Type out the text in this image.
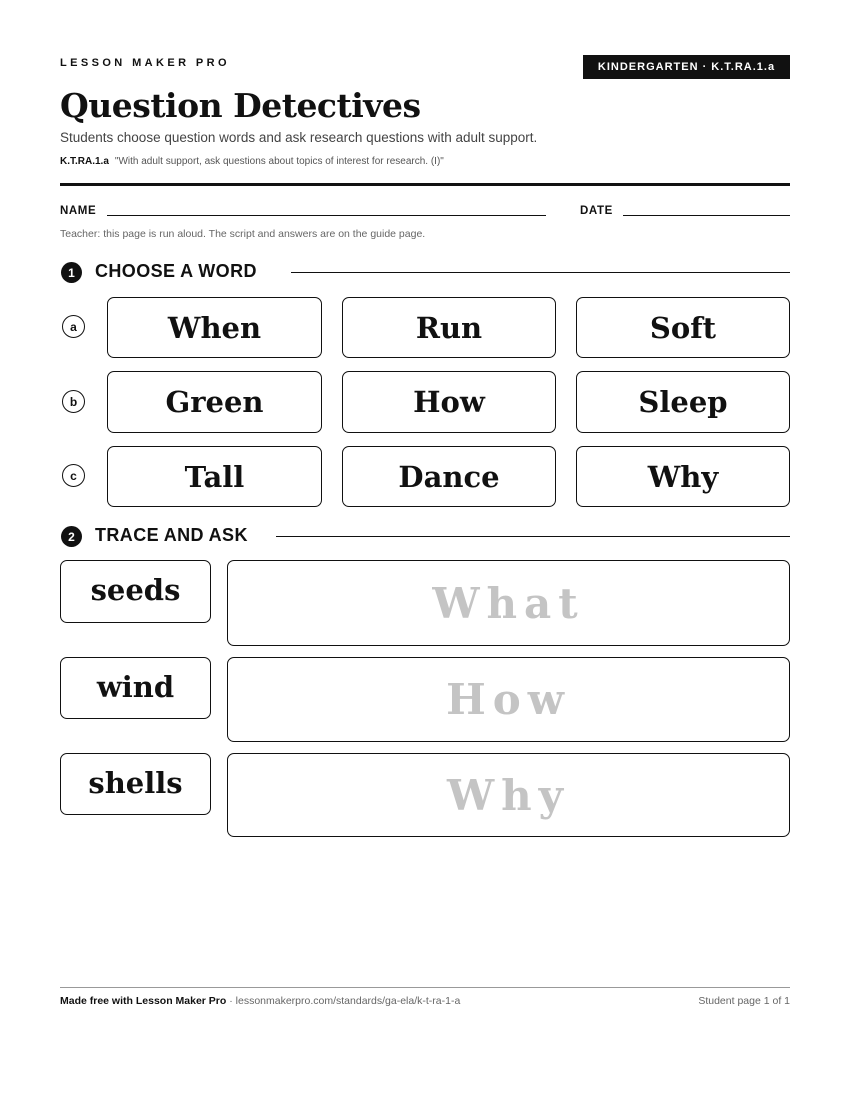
LESSON MAKER PRO	KINDERGARTEN · K.T.RA.1.a
Question Detectives
Students choose question words and ask research questions with adult support.
K.T.RA.1.a "With adult support, ask questions about topics of interest for research. (I)"
NAME	DATE
Teacher: this page is run aloud. The script and answers are on the guide page.
1	CHOOSE A WORD
a	When	Run	Soft
b	Green	How	Sleep
c	Tall	Dance	Why
2	TRACE AND ASK
seeds	What
wind	How
shells	Why
Made free with Lesson Maker Pro · lessonmakerpro.com/standards/ga-ela/k-t-ra-1-a	Student page 1 of 1
